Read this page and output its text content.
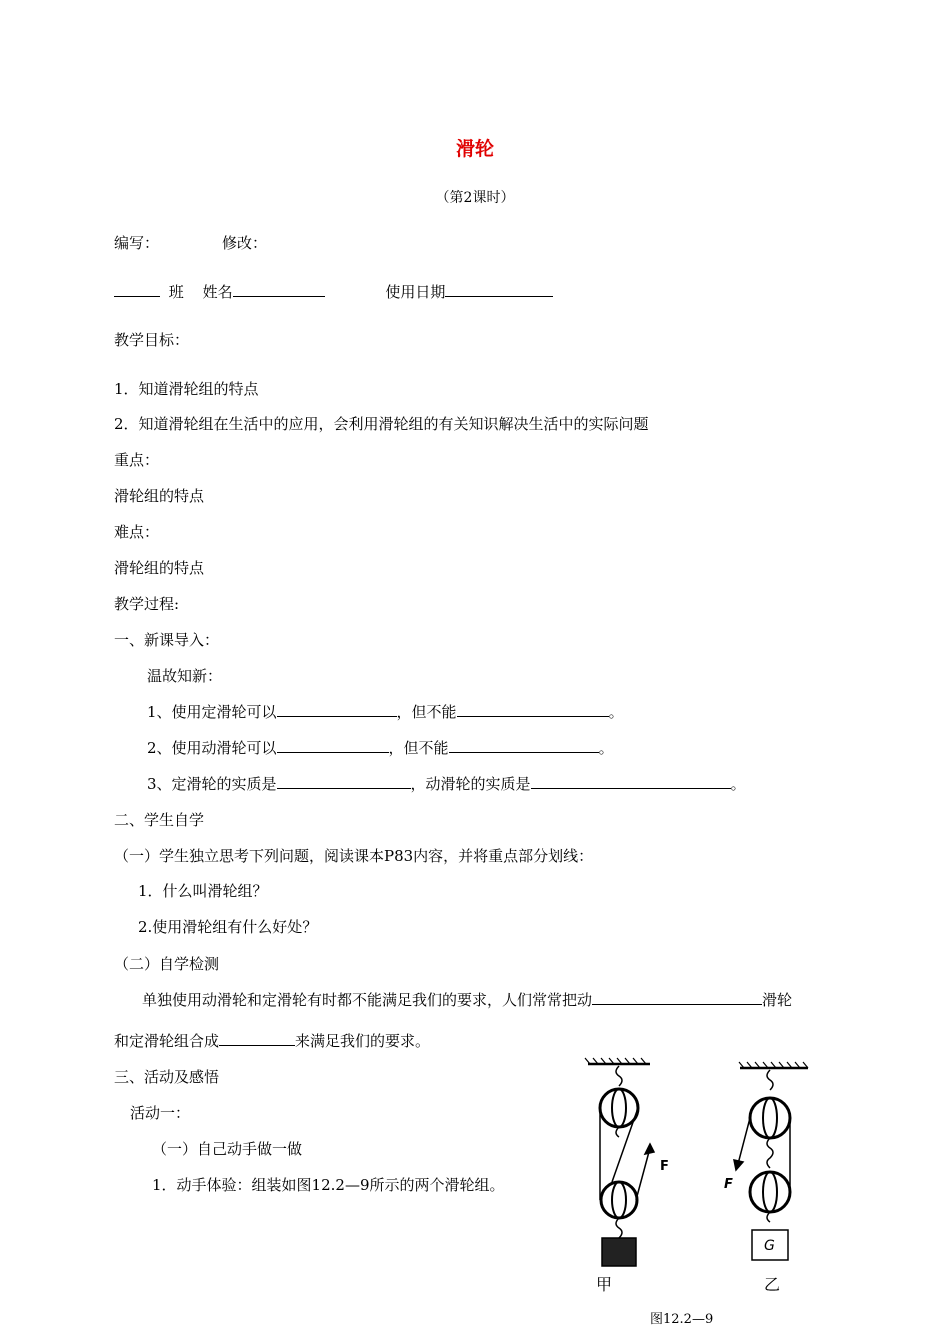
滑轮
（第2课时）
编写：	修改：
班 姓名	使用日期
教学目标：
1．知道滑轮组的特点
2．知道滑轮组在生活中的应用，会利用滑轮组的有关知识解决生活中的实际问题
重点：
滑轮组的特点
难点：
滑轮组的特点
教学过程:
一、新课导入：
温故知新：
1、使用定滑轮可以	，但不能	。
2、使用动滑轮可以	，但不能	。
3、定滑轮的实质是	，动滑轮的实质是	。
二、学生自学
（一）学生独立思考下列问题，阅读课本P83内容，并将重点部分划线：
1．什么叫滑轮组？
2.使用滑轮组有什么好处？
（二）自学检测
单独使用动滑轮和定滑轮有时都不能满足我们的要求，人们常常把动	滑轮
和定滑轮组合成	来满足我们的要求。
三、活动及感悟
活动一：
（一）自己动手做一做
1．动手体验：组装如图12.2—9所示的两个滑轮组。
F
甲
F
G
乙
图12.2—9
